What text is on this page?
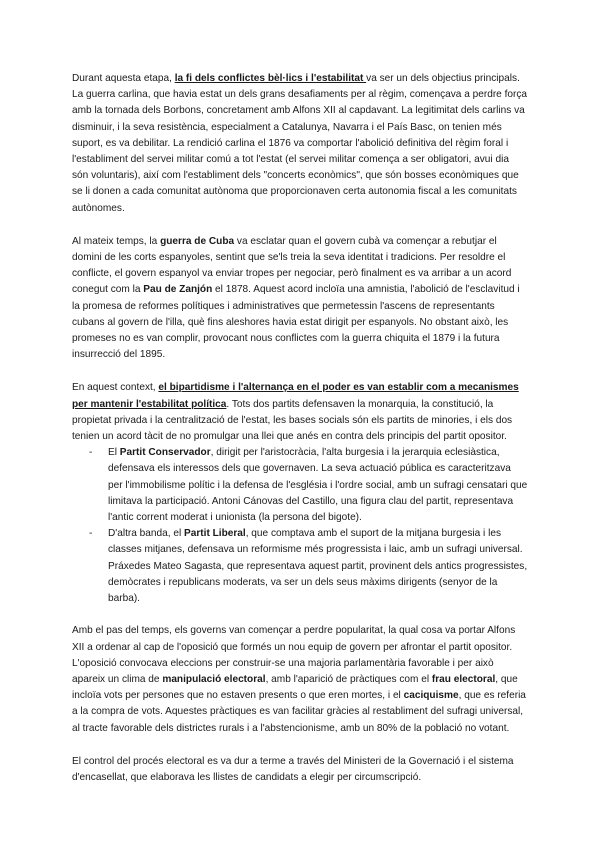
Durant aquesta etapa, la fi dels conflictes bèl·lics i l'estabilitat va ser un dels objectius principals. La guerra carlina, que havia estat un dels grans desafiaments per al règim, començava a perdre força amb la tornada dels Borbons, concretament amb Alfons XII al capdavant. La legitimitat dels carlins va disminuir, i la seva resistència, especialment a Catalunya, Navarra i el País Basc, on tenien més suport, es va debilitar. La rendició carlina el 1876 va comportar l'abolició definitiva del règim foral i l'establiment del servei militar comú a tot l'estat (el servei militar comença a ser obligatori, avui dia són voluntaris), així com l'establiment dels "concerts econòmics", que són bosses econòmiques que se li donen a cada comunitat autònoma que proporcionaven certa autonomia fiscal a les comunitats autònomes.

Al mateix temps, la guerra de Cuba va esclatar quan el govern cubà va començar a rebutjar el domini de les corts espanyoles, sentint que se'ls treia la seva identitat i tradicions. Per resoldre el conflicte, el govern espanyol va enviar tropes per negociar, però finalment es va arribar a un acord conegut com la Pau de Zanjón el 1878. Aquest acord incloïa una amnistia, l'abolició de l'esclavitud i la promesa de reformes polítiques i administratives que permetessin l'ascens de representants cubans al govern de l'illa, què fins aleshores havia estat dirigit per espanyols. No obstant això, les promeses no es van complir, provocant nous conflictes com la guerra chiquita el 1879 i la futura insurrecció del 1895.

En aquest context, el bipartidisme i l'alternança en el poder es van establir com a mecanismes per mantenir l'estabilitat política. Tots dos partits defensaven la monarquia, la constitució, la propietat privada i la centralització de l'estat, les bases socials són els partits de minories, i els dos tenien un acord tàcit de no promulgar una llei que anés en contra dels principis del partit opositor.

- El Partit Conservador, dirigit per l'aristocràcia, l'alta burgesia i la jerarquia eclesiàstica, defensava els interessos dels que governaven. La seva actuació pública es caracteritzava per l'immobilisme polític i la defensa de l'església i l'ordre social, amb un sufragi censatari que limitava la participació. Antoni Cánovas del Castillo, una figura clau del partit, representava l'antic corrent moderat i unionista (la persona del bigote).
- D'altra banda, el Partit Liberal, que comptava amb el suport de la mitjana burgesia i les classes mitjanes, defensava un reformisme més progressista i laic, amb un sufragi universal. Práxedes Mateo Sagasta, que representava aquest partit, provinent dels antics progressistes, demòcrates i republicans moderats, va ser un dels seus màxims dirigents (senyor de la barba).

Amb el pas del temps, els governs van començar a perdre popularitat, la qual cosa va portar Alfons XII a ordenar al cap de l'oposició que formés un nou equip de govern per afrontar el partit opositor. L'oposició convocava eleccions per construir-se una majoria parlamentària favorable i per això apareix un clima de manipulació electoral, amb l'aparició de pràctiques com el frau electoral, que incloïa vots per persones que no estaven presents o que eren mortes, i el caciquisme, que es referia a la compra de vots. Aquestes pràctiques es van facilitar gràcies al restabliment del sufragi universal, al tracte favorable dels districtes rurals i a l'abstencionisme, amb un 80% de la població no votant.

El control del procés electoral es va dur a terme a través del Ministeri de la Governació i el sistema d'encasellat, que elaborava les llistes de candidats a elegir per circumscripció.
